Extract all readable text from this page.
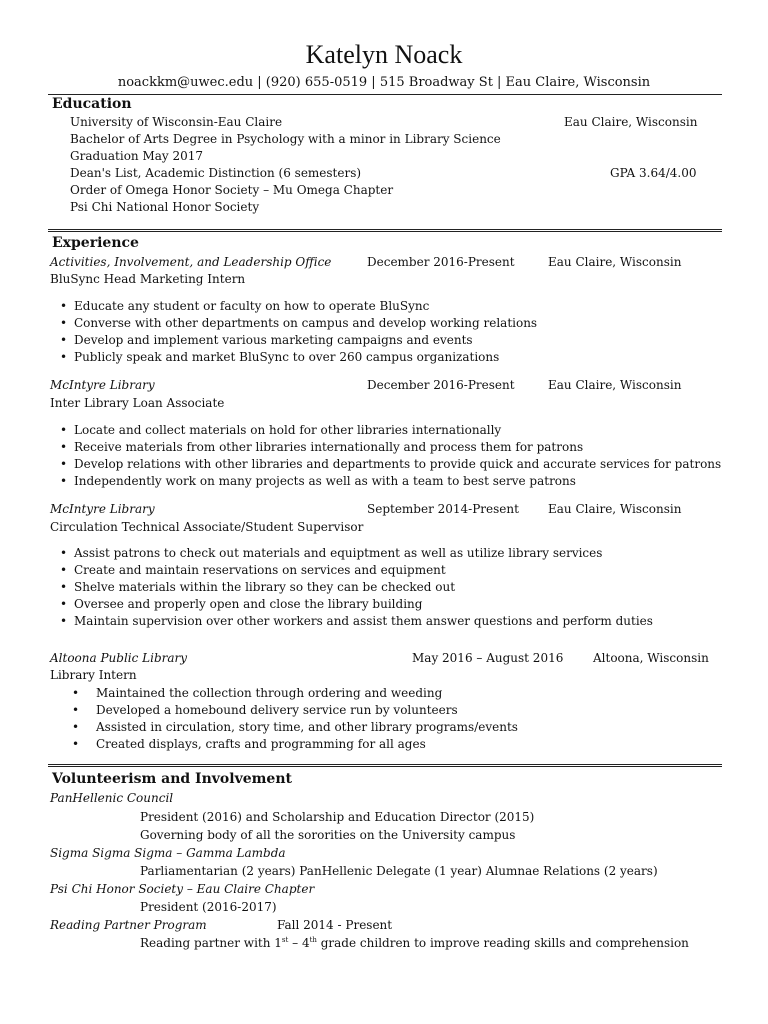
Katelyn Noack
noackkm@uwec.edu | (920) 655-0519 | 515 Broadway St | Eau Claire, Wisconsin
Education
University of Wisconsin-Eau Claire	Eau Claire, Wisconsin
Bachelor of Arts Degree in Psychology with a minor in Library Science
Graduation May 2017
Dean's List, Academic Distinction (6 semesters)	GPA 3.64/4.00
Order of Omega Honor Society – Mu Omega Chapter
Psi Chi National Honor Society
Experience
Activities, Involvement, and Leadership Office	December 2016-Present	Eau Claire, Wisconsin
BluSync Head Marketing Intern
• Educate any student or faculty on how to operate BluSync
• Converse with other departments on campus and develop working relations
• Develop and implement various marketing campaigns and events
• Publicly speak and market BluSync to over 260 campus organizations
McIntyre Library	December 2016-Present	Eau Claire, Wisconsin
Inter Library Loan Associate
• Locate and collect materials on hold for other libraries internationally
• Receive materials from other libraries internationally and process them for patrons
• Develop relations with other libraries and departments to provide quick and accurate services for patrons
• Independently work on many projects as well as with a team to best serve patrons
McIntyre Library	September 2014-Present Eau Claire, Wisconsin
Circulation Technical Associate/Student Supervisor
• Assist patrons to check out materials and equiptment as well as utilize library services
• Create and maintain reservations on services and equipment
• Shelve materials within the library so they can be checked out
• Oversee and properly open and close the library building
• Maintain supervision over other workers and assist them answer questions and perform duties
Altoona Public Library	May 2016 – August 2016 Altoona, Wisconsin
Library Intern
• Maintained the collection through ordering and weeding
• Developed a homebound delivery service run by volunteers
• Assisted in circulation, story time, and other library programs/events
• Created displays, crafts and programming for all ages
Volunteerism and Involvement
PanHellenic Council
President (2016) and Scholarship and Education Director (2015)
Governing body of all the sororities on the University campus
Sigma Sigma Sigma – Gamma Lambda
Parliamentarian (2 years) PanHellenic Delegate (1 year) Alumnae Relations (2 years)
Psi Chi Honor Society – Eau Claire Chapter
President (2016-2017)
Reading Partner Program	Fall 2014 - Present
Reading partner with 1st – 4th grade children to improve reading skills and comprehension
